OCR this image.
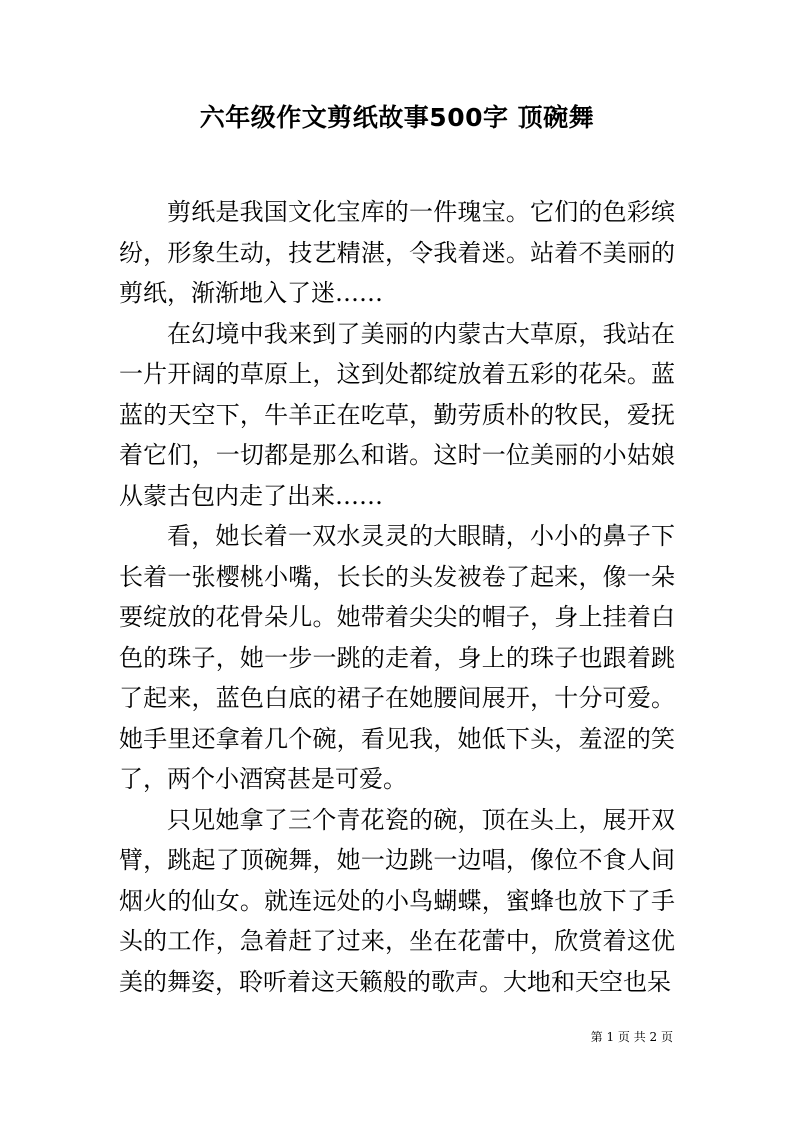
六年级作文剪纸故事500字 顶碗舞

剪纸是我国文化宝库的一件瑰宝。它们的色彩缤纷，形象生动，技艺精湛，令我着迷。站着不美丽的剪纸，渐渐地入了迷……

在幻境中我来到了美丽的内蒙古大草原，我站在一片开阔的草原上，这到处都绽放着五彩的花朵。蓝蓝的天空下，牛羊正在吃草，勤劳质朴的牧民，爱抚着它们，一切都是那么和谐。这时一位美丽的小姑娘从蒙古包内走了出来……

看，她长着一双水灵灵的大眼睛，小小的鼻子下长着一张樱桃小嘴，长长的头发被卷了起来，像一朵要绽放的花骨朵儿。她带着尖尖的帽子，身上挂着白色的珠子，她一步一跳的走着，身上的珠子也跟着跳了起来，蓝色白底的裙子在她腰间展开，十分可爱。她手里还拿着几个碗，看见我，她低下头，羞涩的笑了，两个小酒窝甚是可爱。

只见她拿了三个青花瓷的碗，顶在头上，展开双臂，跳起了顶碗舞，她一边跳一边唱，像位不食人间烟火的仙女。就连远处的小鸟蝴蝶，蜜蜂也放下了手头的工作，急着赶了过来，坐在花蕾中，欣赏着这优美的舞姿，聆听着这天籁般的歌声。大地和天空也呆

第 1 页 共 2 页
